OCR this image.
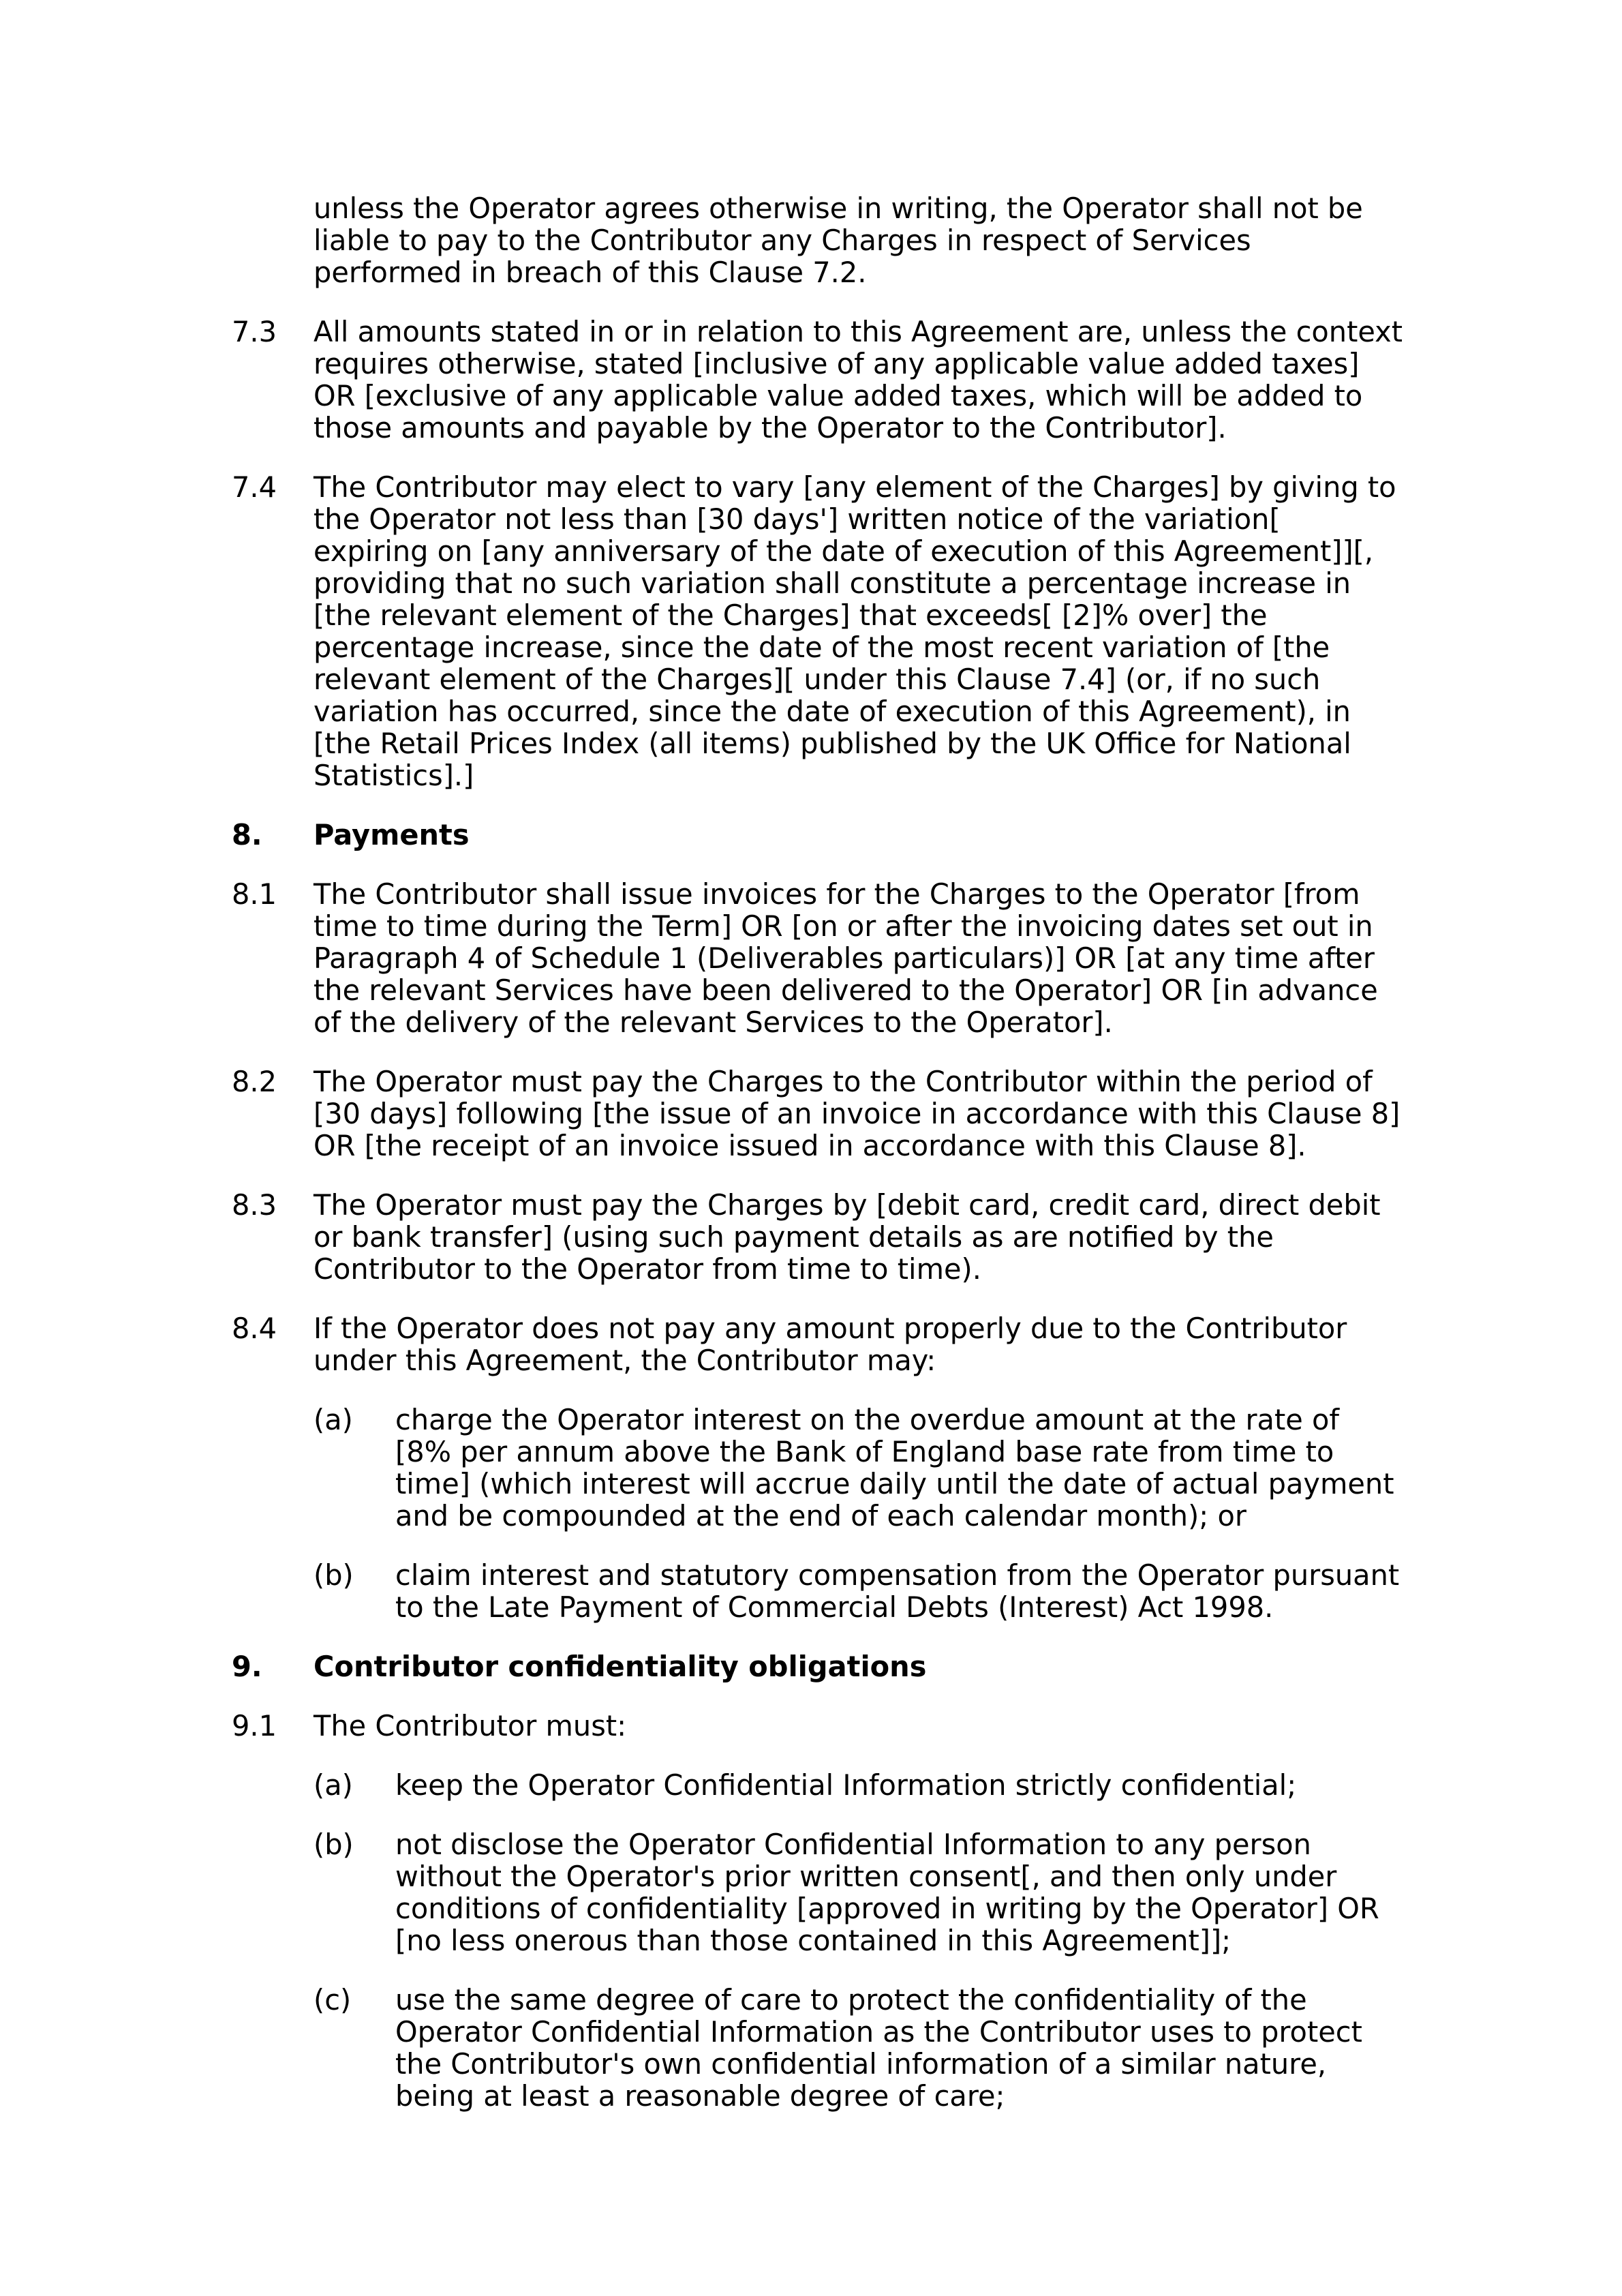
unless the Operator agrees otherwise in writing, the Operator shall not be liable to pay to the Contributor any Charges in respect of Services performed in breach of this Clause 7.2.
7.3	All amounts stated in or in relation to this Agreement are, unless the context requires otherwise, stated [inclusive of any applicable value added taxes] OR [exclusive of any applicable value added taxes, which will be added to those amounts and payable by the Operator to the Contributor].
7.4	The Contributor may elect to vary [any element of the Charges] by giving to the Operator not less than [30 days'] written notice of the variation[ expiring on [any anniversary of the date of execution of this Agreement]][, providing that no such variation shall constitute a percentage increase in [the relevant element of the Charges] that exceeds[ [2]% over] the percentage increase, since the date of the most recent variation of [the relevant element of the Charges][ under this Clause 7.4] (or, if no such variation has occurred, since the date of execution of this Agreement), in [the Retail Prices Index (all items) published by the UK Office for National Statistics].]
8.	Payments
8.1	The Contributor shall issue invoices for the Charges to the Operator [from time to time during the Term] OR [on or after the invoicing dates set out in Paragraph 4 of Schedule 1 (Deliverables particulars)] OR [at any time after the relevant Services have been delivered to the Operator] OR [in advance of the delivery of the relevant Services to the Operator].
8.2	The Operator must pay the Charges to the Contributor within the period of [30 days] following [the issue of an invoice in accordance with this Clause 8] OR [the receipt of an invoice issued in accordance with this Clause 8].
8.3	The Operator must pay the Charges by [debit card, credit card, direct debit or bank transfer] (using such payment details as are notified by the Contributor to the Operator from time to time).
8.4	If the Operator does not pay any amount properly due to the Contributor under this Agreement, the Contributor may:
(a)	charge the Operator interest on the overdue amount at the rate of [8% per annum above the Bank of England base rate from time to time] (which interest will accrue daily until the date of actual payment and be compounded at the end of each calendar month); or
(b)	claim interest and statutory compensation from the Operator pursuant to the Late Payment of Commercial Debts (Interest) Act 1998.
9.	Contributor confidentiality obligations
9.1	The Contributor must:
(a)	keep the Operator Confidential Information strictly confidential;
(b)	not disclose the Operator Confidential Information to any person without the Operator's prior written consent[, and then only under conditions of confidentiality [approved in writing by the Operator] OR [no less onerous than those contained in this Agreement]];
(c)	use the same degree of care to protect the confidentiality of the Operator Confidential Information as the Contributor uses to protect the Contributor's own confidential information of a similar nature, being at least a reasonable degree of care;
